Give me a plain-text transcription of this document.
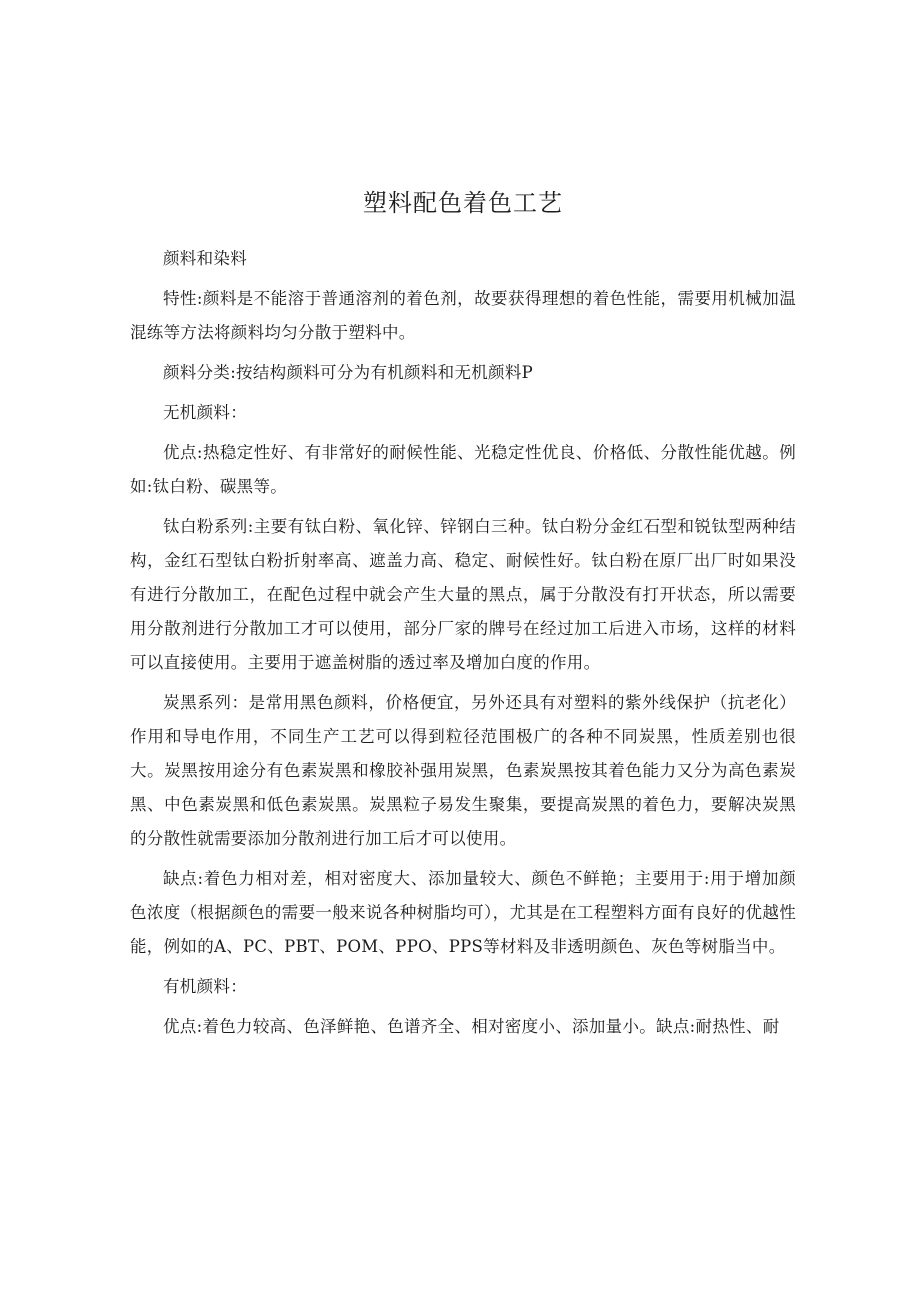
塑料配色着色工艺

颜料和染料

特性:颜料是不能溶于普通溶剂的着色剂，故要获得理想的着色性能，需要用机械加温混练等方法将颜料均匀分散于塑料中。

颜料分类:按结构颜料可分为有机颜料和无机颜料P

无机颜料：

优点:热稳定性好、有非常好的耐候性能、光稳定性优良、价格低、分散性能优越。例如:钛白粉、碳黑等。

钛白粉系列:主要有钛白粉、氧化锌、锌钢白三种。钛白粉分金红石型和锐钛型两种结构，金红石型钛白粉折射率高、遮盖力高、稳定、耐候性好。钛白粉在原厂出厂时如果没有进行分散加工，在配色过程中就会产生大量的黑点，属于分散没有打开状态，所以需要用分散剂进行分散加工才可以使用，部分厂家的牌号在经过加工后进入市场，这样的材料可以直接使用。主要用于遮盖树脂的透过率及增加白度的作用。

炭黑系列：是常用黑色颜料，价格便宜，另外还具有对塑料的紫外线保护（抗老化）作用和导电作用，不同生产工艺可以得到粒径范围极广的各种不同炭黑，性质差别也很大。炭黑按用途分有色素炭黑和橡胶补强用炭黑，色素炭黑按其着色能力又分为高色素炭黑、中色素炭黑和低色素炭黑。炭黑粒子易发生聚集，要提高炭黑的着色力，要解决炭黑的分散性就需要添加分散剂进行加工后才可以使用。

缺点:着色力相对差，相对密度大、添加量较大、颜色不鲜艳；主要用于:用于增加颜色浓度（根据颜色的需要一般来说各种树脂均可），尤其是在工程塑料方面有良好的优越性能，例如的A、PC、PBT、POM、PPO、PPS等材料及非透明颜色、灰色等树脂当中。

有机颜料：

优点:着色力较高、色泽鲜艳、色谱齐全、相对密度小、添加量小。缺点:耐热性、耐
